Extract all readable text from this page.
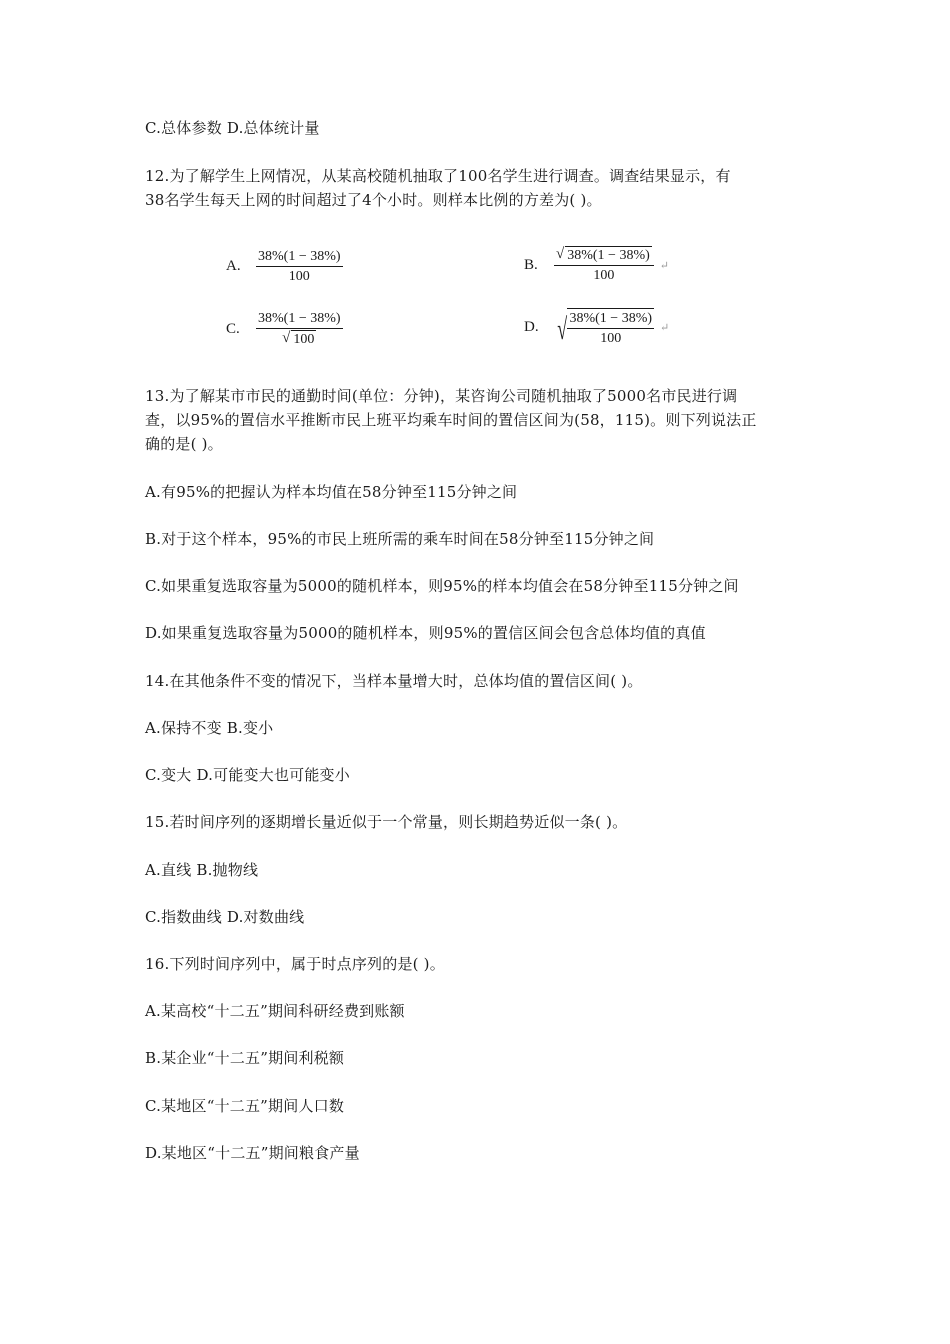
C.总体参数 D.总体统计量
12.为了解学生上网情况，从某高校随机抽取了100名学生进行调查。调查结果显示，有
38名学生每天上网的时间超过了4个小时。则样本比例的方差为( )。
A.	$\frac{38\%(1 - 38\%)}{100}$	B.	$\frac{√ 38\%(1 - 38\%)}{100}$ ↵
C.	$\frac{38\%(1 - 38\%)}{√ 100}$	D. √ $\frac{38\%(1 - 38\%)}{100}$ ↵
13.为了解某市市民的通勤时间(单位：分钟)，某咨询公司随机抽取了5000名市民进行调
查，以95%的置信水平推断市民上班平均乘车时间的置信区间为(58，115)。则下列说法正
确的是( )。
A.有95%的把握认为样本均值在58分钟至115分钟之间
B.对于这个样本，95%的市民上班所需的乘车时间在58分钟至115分钟之间
C.如果重复选取容量为5000的随机样本，则95%的样本均值会在58分钟至115分钟之间
D.如果重复选取容量为5000的随机样本，则95%的置信区间会包含总体均值的真值
14.在其他条件不变的情况下，当样本量增大时，总体均值的置信区间( )。
A.保持不变 B.变小
C.变大 D.可能变大也可能变小
15.若时间序列的逐期增长量近似于一个常量，则长期趋势近似一条( )。
A.直线 B.抛物线
C.指数曲线 D.对数曲线
16.下列时间序列中，属于时点序列的是( )。
A.某高校“十二五”期间科研经费到账额
B.某企业“十二五”期间利税额
C.某地区“十二五”期间人口数
D.某地区“十二五”期间粮食产量
